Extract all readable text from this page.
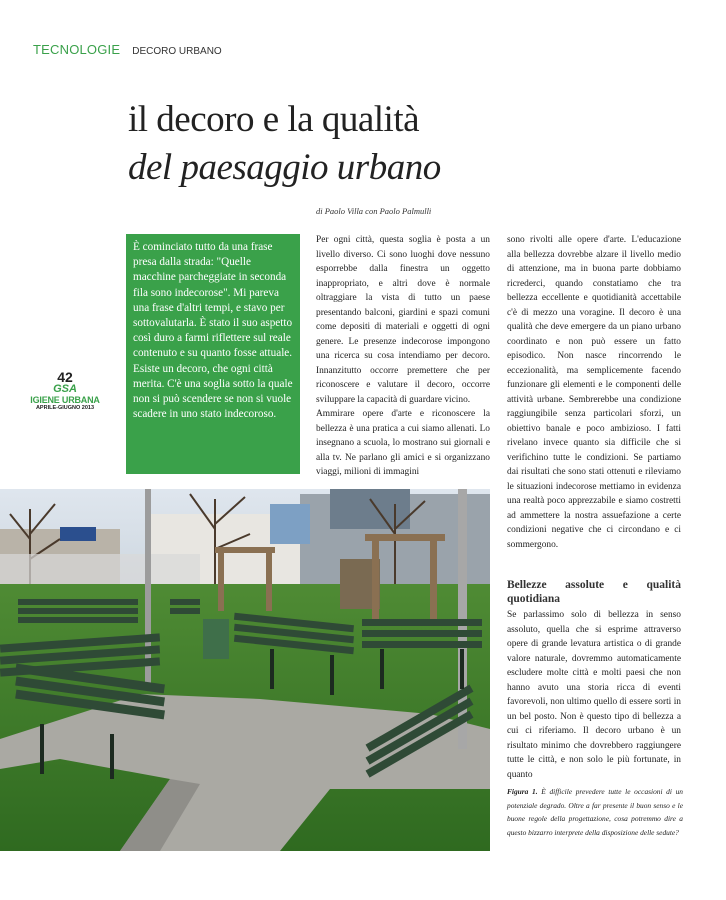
TECNOLOGIE DECORO URBANO
il decoro e la qualità
del paesaggio urbano
di Paolo Villa con Paolo Palmulli

È cominciato tutto da una frase presa dalla strada: "Quelle macchine parcheggiate in seconda fila sono indecorose". Mi pareva una frase d'altri tempi, e stavo per sottovalutarla. È stato il suo aspetto così duro a farmi riflettere sul reale contenuto e su quanto fosse attuale. Esiste un decoro, che ogni città merita. C'è una soglia sotto la quale non si può scendere se non si vuole scadere in uno stato indecoroso.

42
GSA
IGIENE URBANA
APRILE-GIUGNO 2013

Per ogni città, questa soglia è posta a un livello diverso. Ci sono luoghi dove nessuno esporrebbe dalla finestra un oggetto inappropriato, e altri dove è normale oltraggiare la vista di tutto un paese presentando balconi, giardini e spazi comuni come depositi di materiali e oggetti di ogni genere. Le presenze indecorose impongono una ricerca su cosa intendiamo per decoro. Innanzitutto occorre premettere che per riconoscere e valutare il decoro, occorre sviluppare la capacità di guardare vicino.

Ammirare opere d'arte e riconoscere la bellezza è una pratica a cui siamo allenati. Lo insegnano a scuola, lo mostrano sui giornali e alla tv. Ne parlano gli amici e si organizzano viaggi, milioni di immagini

sono rivolti alle opere d'arte. L'educazione alla bellezza dovrebbe alzare il livello medio di attenzione, ma in buona parte dobbiamo ricrederci, quando constatiamo che tra bellezza eccellente e quotidianità accettabile c'è di mezzo una voragine. Il decoro è una qualità che deve emergere da un piano urbano coordinato e non può essere un fatto episodico. Non nasce rincorrendo le eccezionalità, ma semplicemente facendo funzionare gli elementi e le componenti delle attività urbane. Sembrerebbe una condizione raggiungibile senza particolari sforzi, un obiettivo banale e poco ambizioso. I fatti rivelano invece quanto sia difficile che si verifichino tutte le condizioni. Se partiamo dai risultati che sono stati ottenuti e rileviamo le situazioni indecorose mettiamo in evidenza una realtà poco apprezzabile e siamo costretti ad ammettere la nostra assuefazione a certe condizioni negative che ci circondano e ci sommergono.

Bellezze assolute e qualità quotidiana

Se parlassimo solo di bellezza in senso assoluto, quella che si esprime attraverso opere di grande levatura artistica o di grande valore naturale, dovremmo automaticamente escludere molte città e molti paesi che non hanno avuto una storia ricca di eventi favorevoli, non ultimo quello di essere sorti in un bel posto. Non è questo tipo di bellezza a cui ci riferiamo. Il decoro urbano è un risultato minimo che dovrebbero raggiungere tutte le città, e non solo le più fortunate, in quanto

Figura 1. È difficile prevedere tutte le occasioni di un potenziale degrado. Oltre a far presente il buon senso e le buone regole della progettazione, cosa potremmo dire a questo bizzarro interprete della disposizione delle sedute?
